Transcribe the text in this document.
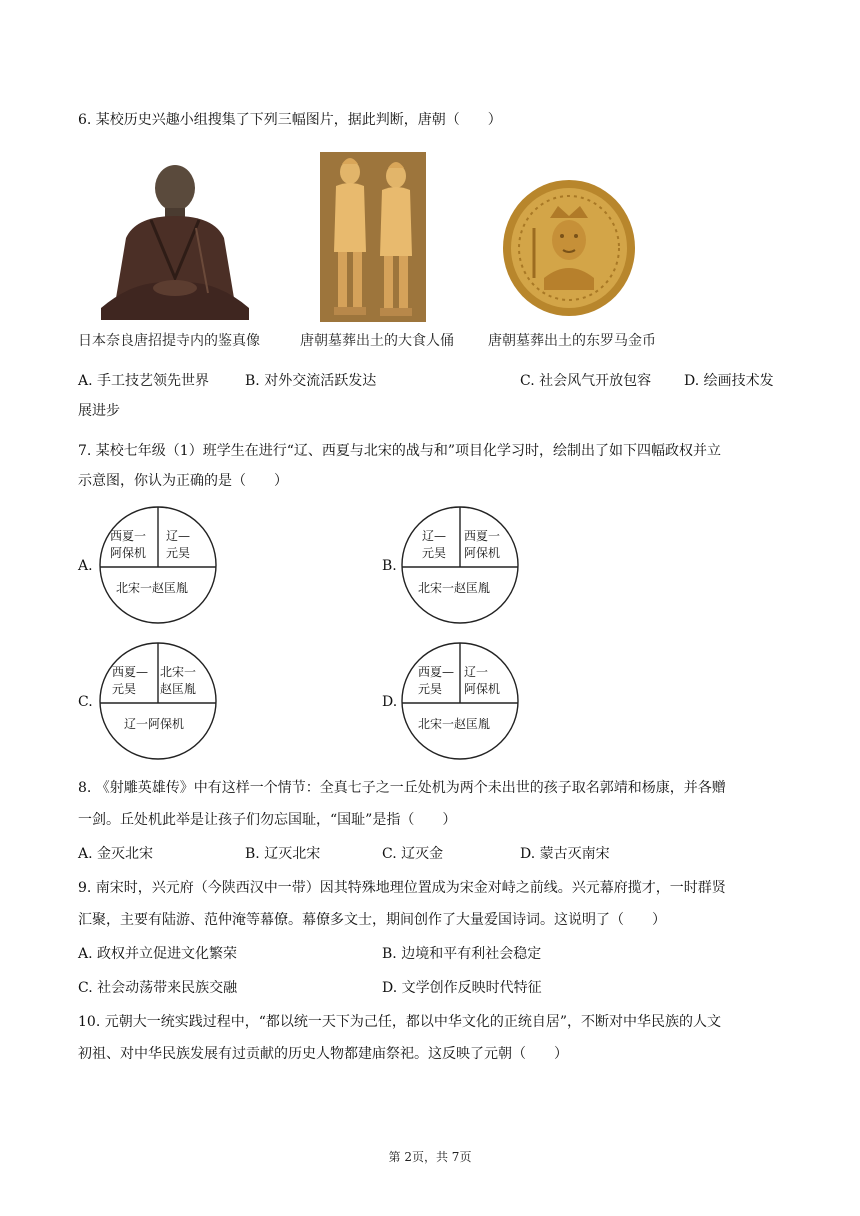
6. 某校历史兴趣小组搜集了下列三幅图片，据此判断，唐朝（　　）
日本奈良唐招提寺内的鉴真像	唐朝墓葬出土的大食人俑 唐朝墓葬出土的东罗马金币
A. 手工技艺领先世界	B. 对外交流活跃发达	C. 社会风气开放包容 D. 绘画技术发
展进步
7. 某校七年级（1）班学生在进行“辽、西夏与北宋的战与和”项目化学习时，绘制出了如下四幅政权并立
示意图，你认为正确的是（　　）
A.
西夏一
阿保机
辽—
元昊
北宋一赵匡胤
B.
辽—
元昊
西夏一
阿保机
北宋一赵匡胤
C.
西夏—
元昊
北宋一
赵匡胤
辽一阿保机
D.
西夏—
元昊
辽一
阿保机
北宋一赵匡胤
8. 《射雕英雄传》中有这样一个情节：全真七子之一丘处机为两个未出世的孩子取名郭靖和杨康，并各赠
一剑。丘处机此举是让孩子们勿忘国耻，“国耻”是指（　　）
A. 金灭北宋	B. 辽灭北宋	C. 辽灭金	D. 蒙古灭南宋
9. 南宋时，兴元府（今陕西汉中一带）因其特殊地理位置成为宋金对峙之前线。兴元幕府揽才，一时群贤
汇聚，主要有陆游、范仲淹等幕僚。幕僚多文士，期间创作了大量爱国诗词。这说明了（　　）
A. 政权并立促进文化繁荣	B. 边境和平有利社会稳定
C. 社会动荡带来民族交融	D. 文学创作反映时代特征
10. 元朝大一统实践过程中，“都以统一天下为己任，都以中华文化的正统自居”，不断对中华民族的人文
初祖、对中华民族发展有过贡献的历史人物都建庙祭祀。这反映了元朝（　　）
第 2页，共 7页
